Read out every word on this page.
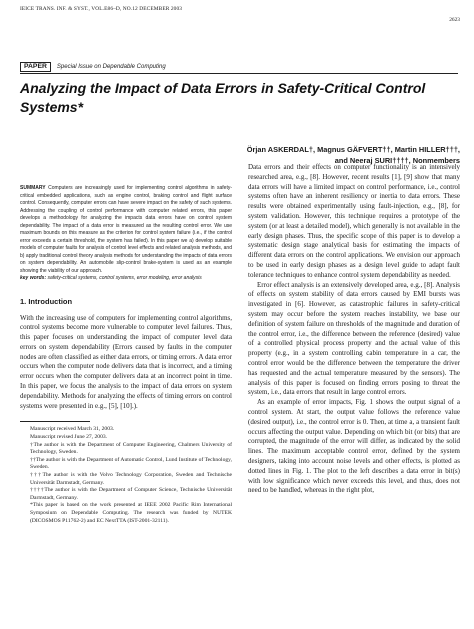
IEICE TRANS. INF. & SYST., VOL.E86–D, NO.12 DECEMBER 2003
2623
PAPER	Special Issue on Dependable Computing
Analyzing the Impact of Data Errors in Safety-Critical Control Systems*
Örjan ASKERDAL†, Magnus GÄFVERT††, Martin HILLER†††,
and Neeraj SURI††††, Nonmembers

SUMMARY Computers are increasingly used for implementing control algorithms in safety-critical embedded applications, such as engine control, braking control and flight surface control. Consequently, computer errors can have severe impact on the safety of such systems. Addressing the coupling of control performance with computer related errors, this paper develops a methodology for analyzing the impacts data errors have on control system dependability. The impact of a data error is measured as the resulting control error. We use maximum bounds on this measure as the criterion for control system failure (i.e., if the control error exceeds a certain threshold, the system has failed). In this paper we a) develop suitable models of computer faults for analysis of control level effects and related analysis methods, and b) apply traditional control theory analysis methods for understanding the impacts of data errors on system dependability. An automobile slip-control brake-system is used as an example showing the viability of our approach.

key words: safety-critical systems, control systems, error modeling, error analysis

1. Introduction

With the increasing use of computers for implementing control algorithms, control systems become more vulnerable to computer level failures. Thus, this paper focuses on understanding the impact of computer level data errors on system dependability (Errors caused by faults in the computer nodes are often classified as either data errors, or timing errors. A data error occurs when the computer node delivers data that is incorrect, and a timing error occurs when the computer delivers data at an incorrect point in time. In this paper, we focus the analysis to the impact of data errors on system dependability. Methods for analyzing the effects of timing errors on control systems were presented in e.g., [5], [10].).

Manuscript received March 31, 2003.

Manuscript revised June 27, 2003.

†The author is with the Department of Computer Engineering, Chalmers University of Technology, Sweden.

††The author is with the Department of Automatic Control, Lund Institute of Technology, Sweden.

†††The author is with the Volvo Technology Corporation, Sweden and Technische Universität Darmstadt, Germany.

††††The author is with the Department of Computer Science, Technische Universität Darmstadt, Germany.

*This paper is based on the work presented at IEEE 2002 Pacific Rim International Symposium on Dependable Computing. The research was funded by NUTEK (DICOSMOS P11762-2) and EC NextTTA (IST-2001-32111).

Data errors and their effects on computer functionality is an intensively researched area, e.g., [8]. However, recent results [1], [9] show that many data errors will have a limited impact on control performance, i.e., control systems often have an inherent resiliency or inertia to data errors. These results were obtained experimentally using fault-injection, e.g., [8], for system validation. However, this technique requires a prototype of the system (or at least a detailed model), which generally is not available in the early design phases. Thus, the specific scope of this paper is to develop a systematic design stage analytical basis for estimating the impacts of different data errors on the control applications. We envision our approach to be used in early design phases as a design level guide to adapt fault tolerance techniques to enhance control system dependability as needed.

Error effect analysis is an extensively developed area, e.g., [8]. Analysis of effects on system stability of data errors caused by EMI bursts was investigated in [6]. However, as catastrophic failures in safety-critical system may occur before the system reaches instability, we base our definition of system failure on thresholds of the magnitude and duration of the control error, i.e., the difference between the reference (desired) value of a controlled physical process property and the actual value of this property (e.g., in a system controlling cabin temperature in a car, the control error would be the difference between the temperature the driver has requested and the actual temperature measured by the sensors). The analysis of this paper is focused on finding errors posing to threat the system, i.e., data errors that result in large control errors.

As an example of error impacts, Fig. 1 shows the output signal of a control system. At start, the output value follows the reference value (desired output), i.e., the control error is 0. Then, at time a, a transient fault occurs affecting the output value. Depending on which bit (or bits) that are corrupted, the magnitude of the error will differ, as indicated by the solid lines. The maximum acceptable control error, defined by the system designers, taking into account noise levels and other effects, is plotted as dotted lines in Fig. 1. The plot to the left describes a data error in bit(s) with low significance which never exceeds this level, and thus, does not need to be handled, whereas in the right plot,
